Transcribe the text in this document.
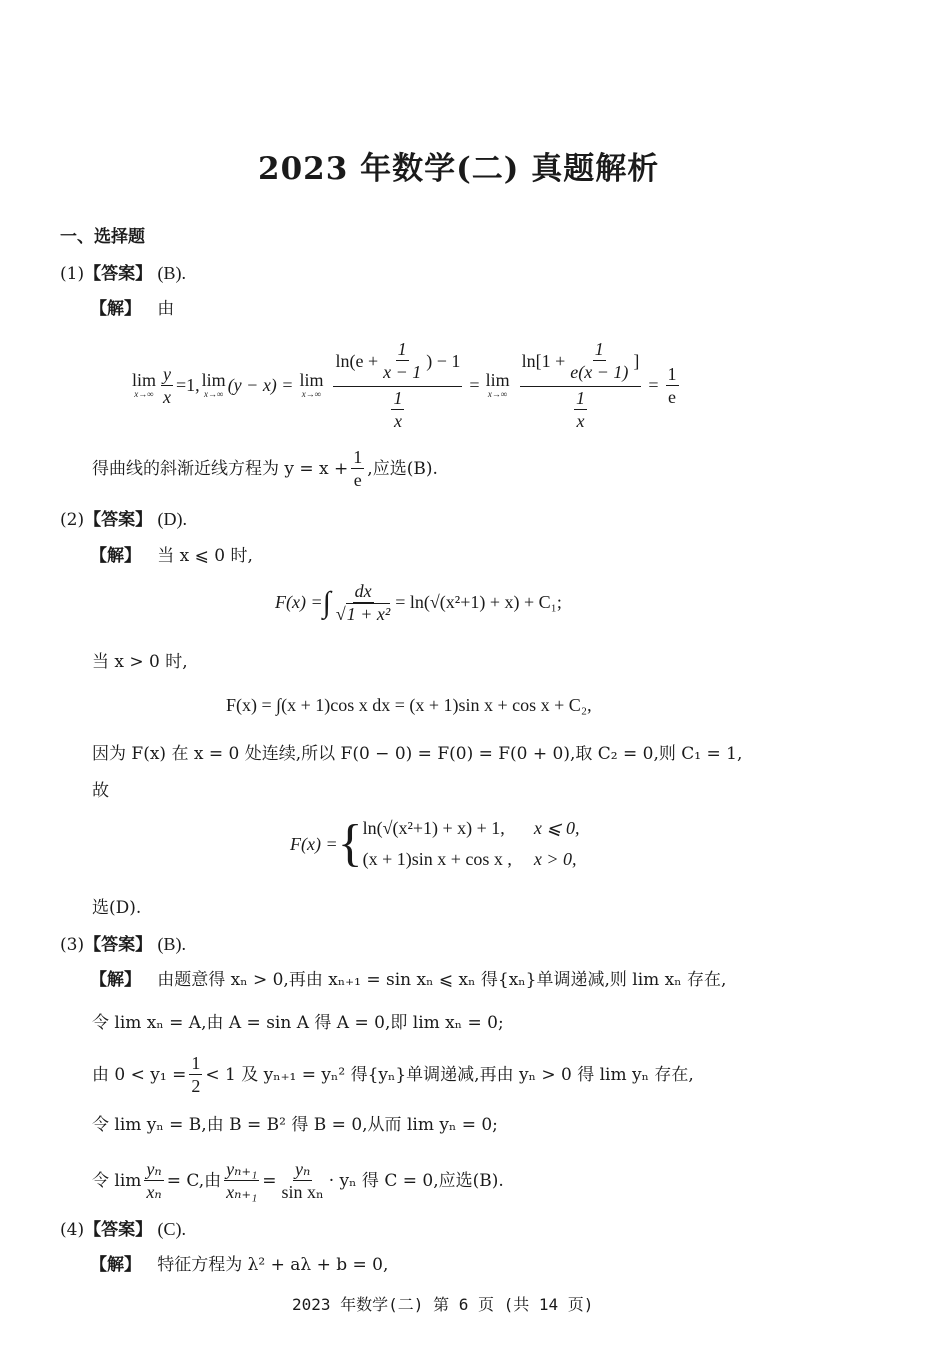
2023 年数学(二) 真题解析
一、选择题
(1)【答案】 (B).
【解】 由
lim
$x\to\infty \frac{y}{x} =1$, lim
x→∞ (y − x) = lim
$x\to\infty \frac{\ln(e + \frac{1}{x - 1} ) - 1}{\frac{1}{x}} = \lim$
$x\to\infty \frac{\ln[1 + \frac{1}{e(x - 1)} ]}{\frac{1}{x}} = \frac{1}{e}$
得曲线的斜渐近线方程为 $y = x + \frac{1}{e}$ ,应选(B).
(2)【答案】 (D).
【解】 当 x ⩽ 0 时,
F(x) = ∫ $\frac{dx}{\text{√1 + x²}} = \ln(√(x^2+1) + x) + C_1$;
当 x > 0 时,
F(x) = ∫(x + 1)cos x dx = (x + 1)sin x + cos x + C₂,
因为 F(x) 在 x = 0 处连续,所以 F(0 − 0) = F(0) = F(0 + 0),取 C₂ = 0,则 C₁ = 1,
故
F(x) = { ln(√(x²+1) + x) + 1,	x ⩽ 0,
(x + 1)sin x + cos x , x > 0,
选(D).
(3)【答案】 (B).
【解】 由题意得 xₙ > 0,再由 xₙ₊₁ = sin xₙ ⩽ xₙ 得{xₙ}单调递减,则 lim xₙ 存在,
令 lim xₙ = A,由 A = sin A 得 A = 0,即 lim xₙ = 0;
由 $0 < y_1 = \frac{1}{2} < 1$ 及 yₙ₊₁ = yₙ² 得{yₙ}单调递减,再由 yₙ > 0 得 lim yₙ 存在,
令 lim yₙ = B,由 B = B² 得 B = 0,从而 lim yₙ = 0;
令 $\lim \frac{\text{yₙ}}{\text{xₙ}} = C$,由 $\frac{\text{yₙ₊₁}}{\text{xₙ₊₁}} = \frac{\text{yₙ}}{\text{sin xₙ}} \cdot y_n$ 得 C = 0,应选(B).
(4)【答案】 (C).
【解】 特征方程为 λ² + aλ + b = 0,
2023 年数学(二) 第 6 页 (共 14 页)
